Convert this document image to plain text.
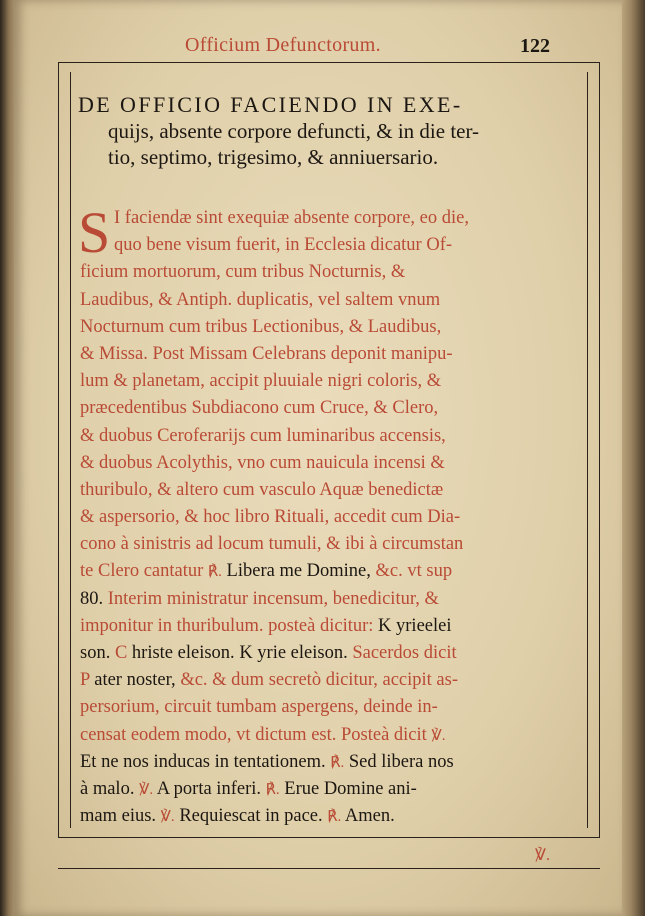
Officium Defunctorum.	122
DE OFFICIO FACIENDO IN EXE-
quijs, absente corpore defuncti, & in die ter-
tio, septimo, trigesimo, & anniuersario.
S I faciendæ sint exequiæ absente corpore, eo die,
quo bene visum fuerit, in Ecclesia dicatur Of-
ficium mortuorum, cum tribus Nocturnis, &
Laudibus, & Antiph. duplicatis, vel saltem vnum
Nocturnum cum tribus Lectionibus, & Laudibus,
& Missa. Post Missam Celebrans deponit manipu-
lum & planetam, accipit pluuiale nigri coloris, &
præcedentibus Subdiacono cum Cruce, & Clero,
& duobus Ceroferarijs cum luminaribus accensis,
& duobus Acolythis, vno cum nauicula incensi &
thuribulo, & altero cum vasculo Aquæ benedictæ
& aspersorio, & hoc libro Rituali, accedit cum Dia-
cono à sinistris ad locum tumuli, & ibi à circumstan
te Clero cantatur ℟. Libera me Domine, &c. vt sup
80. Interim ministratur incensum, benedicitur, &
imponitur in thuribulum. posteà dicitur: K yrieelei
son. C hriste eleison. K yrie eleison. Sacerdos dicit
P ater noster, &c. & dum secretò dicitur, accipit as-
persorium, circuit tumbam aspergens, deinde in-
censat eodem modo, vt dictum est. Posteà dicit ℣.
Et ne nos inducas in tentationem. ℟. Sed libera nos
à malo. ℣. A porta inferi. ℟. Erue Domine ani-
mam eius. ℣. Requiescat in pace. ℟. Amen.
℣.
